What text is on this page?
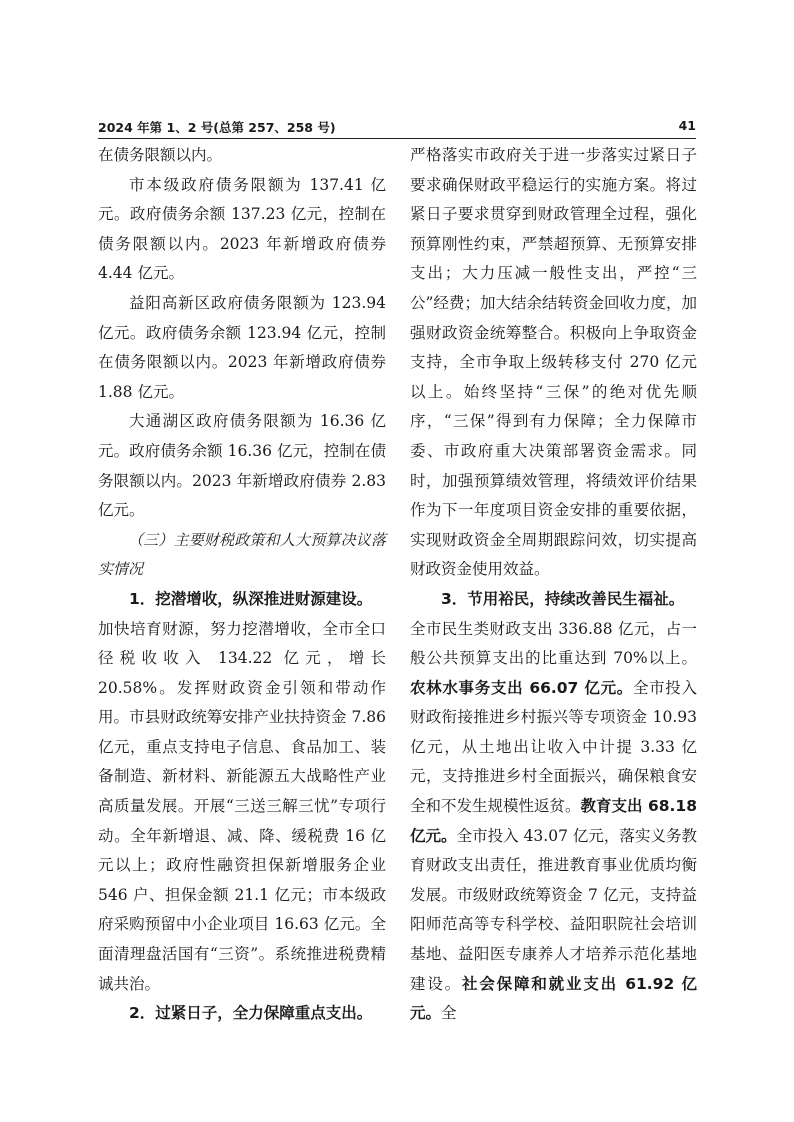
2024 年第 1、2 号(总第 257、258 号)	41

在债务限额以内。

市本级政府债务限额为 137.41 亿元。政府债务余额 137.23 亿元，控制在债务限额以内。2023 年新增政府债券 4.44 亿元。

益阳高新区政府债务限额为 123.94 亿元。政府债务余额 123.94 亿元，控制在债务限额以内。2023 年新增政府债券 1.88 亿元。

大通湖区政府债务限额为 16.36 亿元。政府债务余额 16.36 亿元，控制在债务限额以内。2023 年新增政府债券 2.83 亿元。

（三）主要财税政策和人大预算决议落实情况

1．挖潜增收，纵深推进财源建设。

加快培育财源，努力挖潜增收，全市全口径税收收入 134.22 亿元，增长 20.58%。发挥财政资金引领和带动作用。市县财政统筹安排产业扶持资金 7.86 亿元，重点支持电子信息、食品加工、装备制造、新材料、新能源五大战略性产业高质量发展。开展“三送三解三忧”专项行动。全年新增退、减、降、缓税费 16 亿元以上；政府性融资担保新增服务企业 546 户、担保金额 21.1 亿元；市本级政府采购预留中小企业项目 16.63 亿元。全面清理盘活国有“三资”。系统推进税费精诚共治。

2．过紧日子，全力保障重点支出。

严格落实市政府关于进一步落实过紧日子要求确保财政平稳运行的实施方案。将过紧日子要求贯穿到财政管理全过程，强化预算刚性约束，严禁超预算、无预算安排支出；大力压减一般性支出，严控“三公”经费；加大结余结转资金回收力度，加强财政资金统筹整合。积极向上争取资金支持，全市争取上级转移支付 270 亿元以上。始终坚持“三保”的绝对优先顺序，“三保”得到有力保障；全力保障市委、市政府重大决策部署资金需求。同时，加强预算绩效管理，将绩效评价结果作为下一年度项目资金安排的重要依据，实现财政资金全周期跟踪问效，切实提高财政资金使用效益。

3．节用裕民，持续改善民生福祉。

全市民生类财政支出 336.88 亿元，占一般公共预算支出的比重达到 70%以上。农林水事务支出 66.07 亿元。全市投入财政衔接推进乡村振兴等专项资金 10.93 亿元，从土地出让收入中计提 3.33 亿元，支持推进乡村全面振兴，确保粮食安全和不发生规模性返贫。教育支出 68.18 亿元。全市投入 43.07 亿元，落实义务教育财政支出责任，推进教育事业优质均衡发展。市级财政统筹资金 7 亿元，支持益阳师范高等专科学校、益阳职院社会培训基地、益阳医专康养人才培养示范化基地建设。社会保障和就业支出 61.92 亿元。全
